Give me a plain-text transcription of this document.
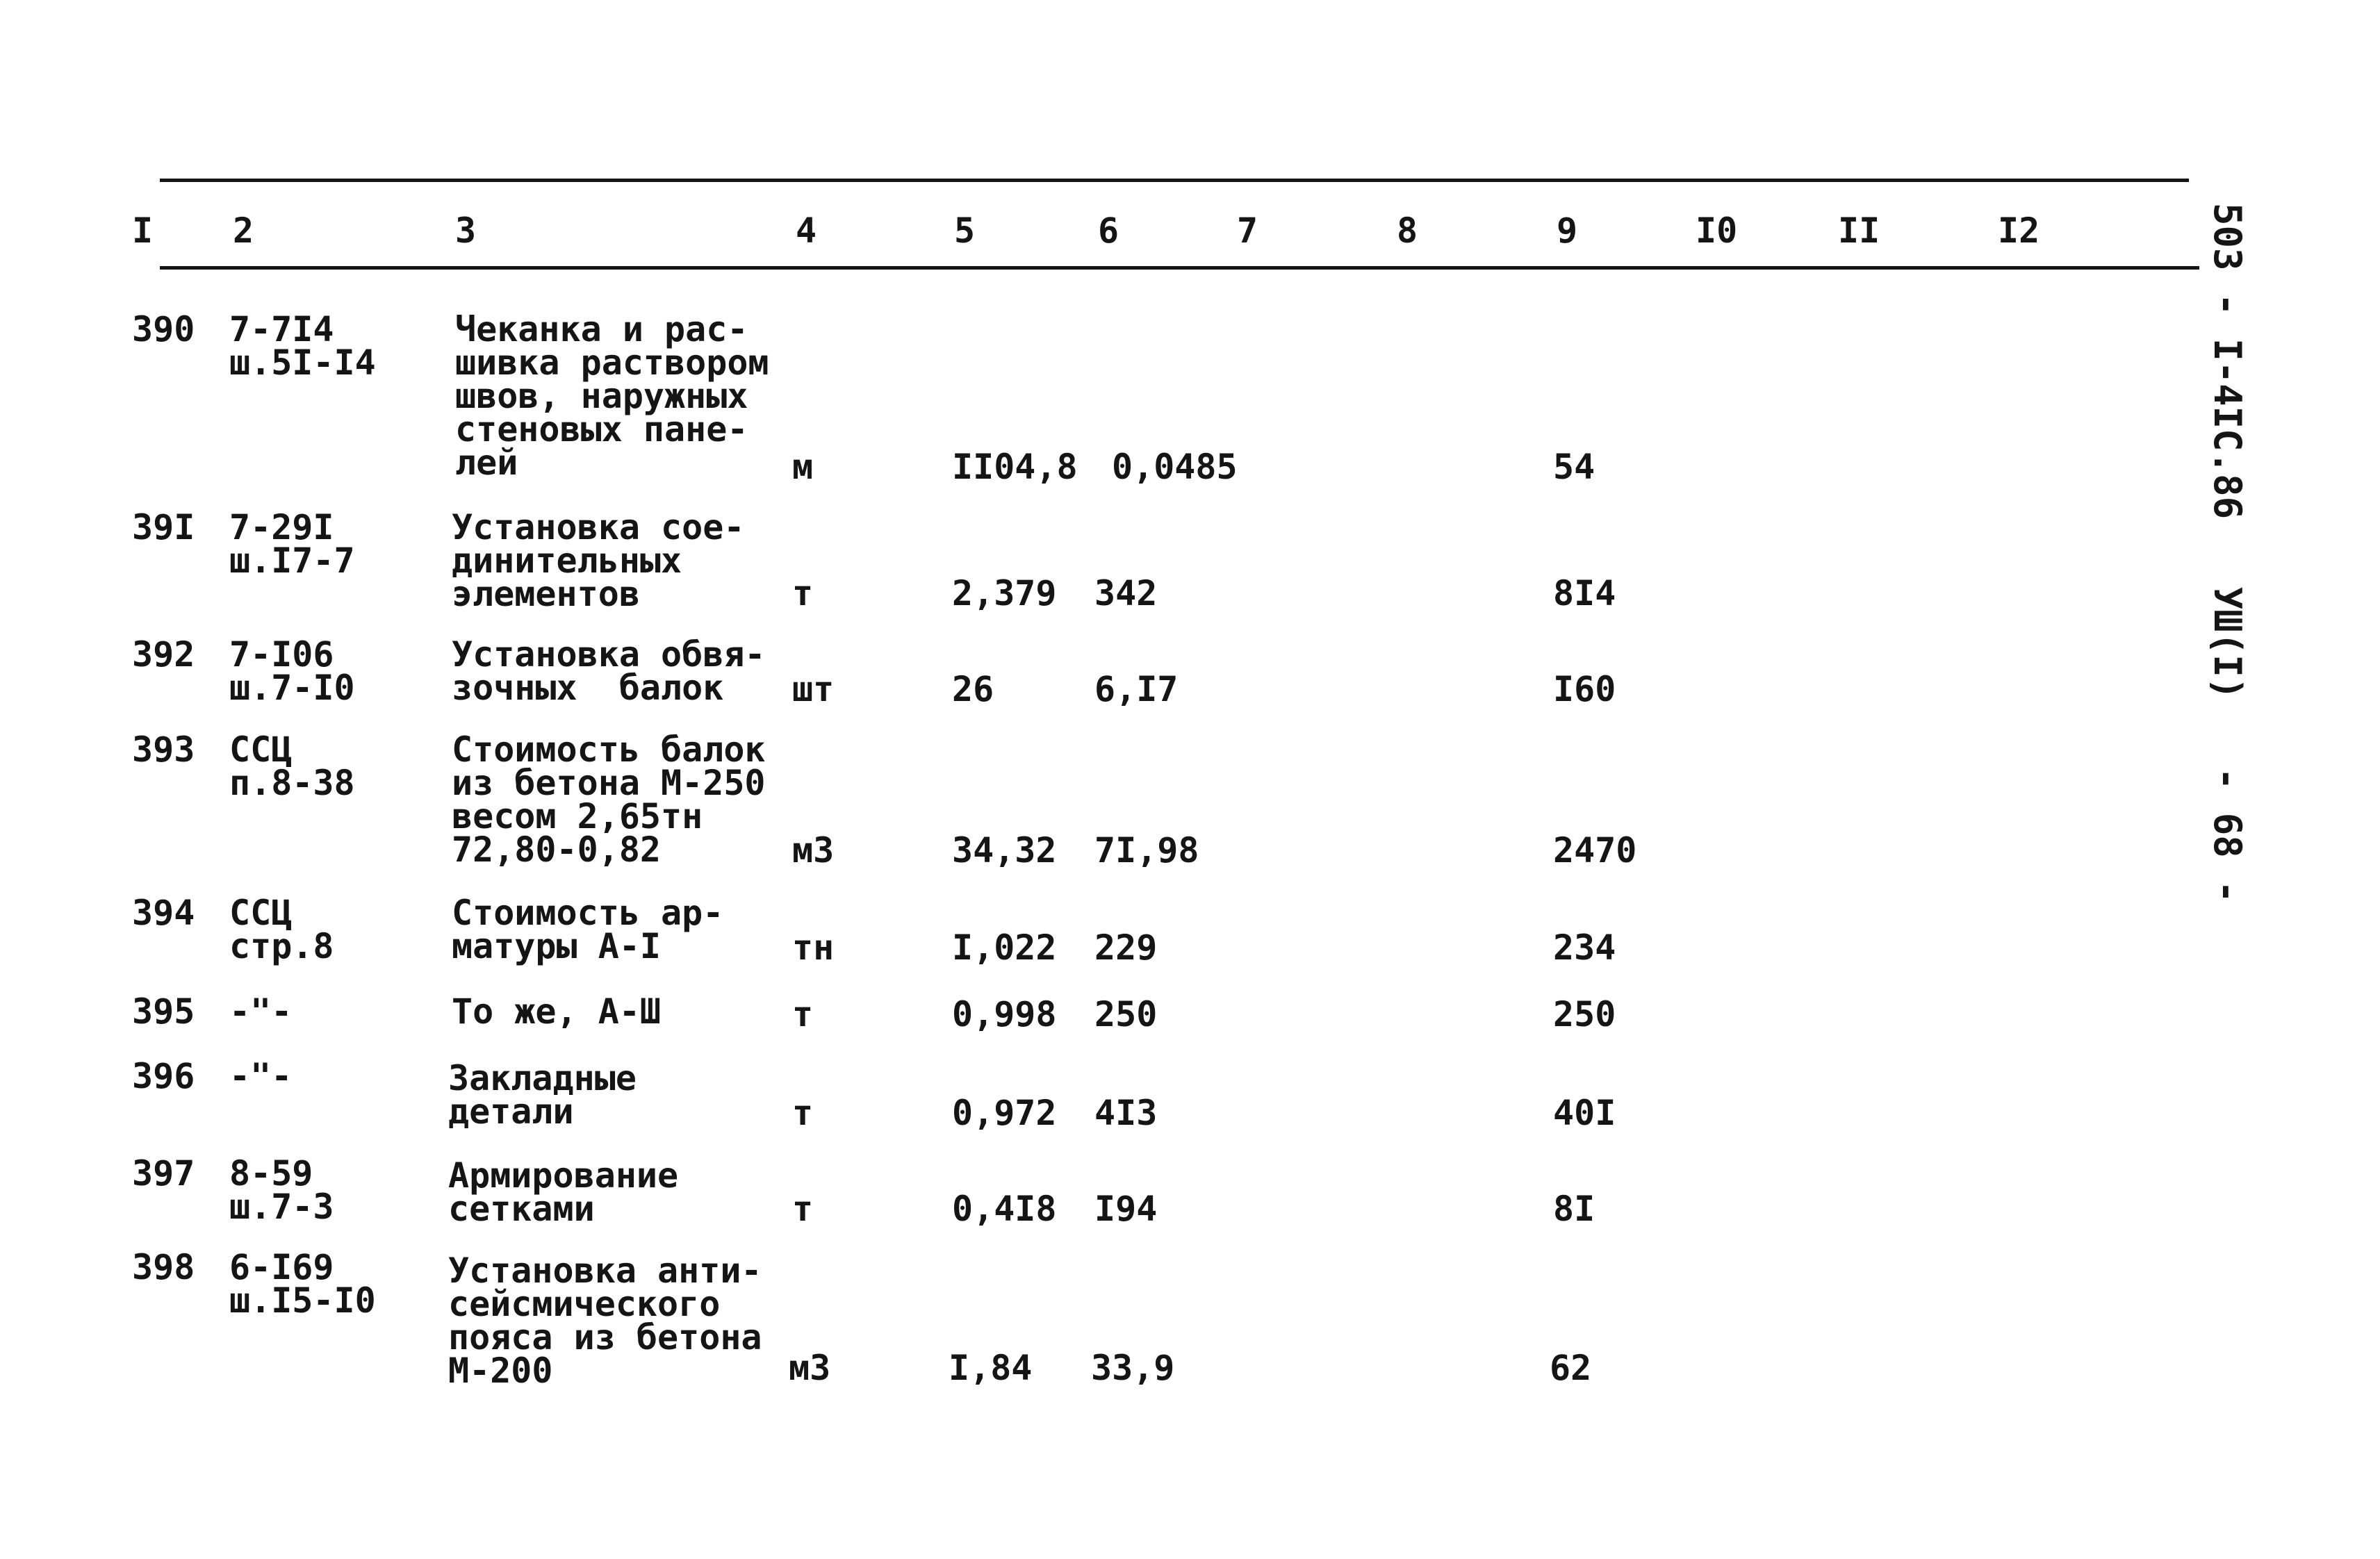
I 2	3	4	5	6	7	8	9	I0	II	I2	503 - I-4IC.86   УШ(I)   - 68 -
390 7-7I4
ш.5I-I4
Чеканка и рас-
шивка раствором
швов, наружных
стеновых пане-
лей	м	II04,8 0,0485	54
39I 7-29I
ш.I7-7
Установка сое-
динительных
элементов	т	2,379 342	8I4
392 7-I06
ш.7-I0
Установка обвя-
зочных  балок	шт	26	6,I7	I60
393 ССЦ
п.8-38
Стоимость балок
из бетона М-250
весом 2,65тн
72,80-0,82	м3	34,32 7I,98	2470
394 ССЦ
стр.8
Стоимость ар-
матуры А-I	тн	I,022 229	234
395 -"-	То же, А-Ш	т	0,998 250	250
396 -"-	Закладные
детали	т	0,972 4I3	40I
397 8-59
ш.7-3
Армирование
сетками	т	0,4I8 I94	8I
398 6-I69
ш.I5-I0
Установка анти-
сейсмического
пояса из бетона
М-200	м3	I,84 33,9	62
